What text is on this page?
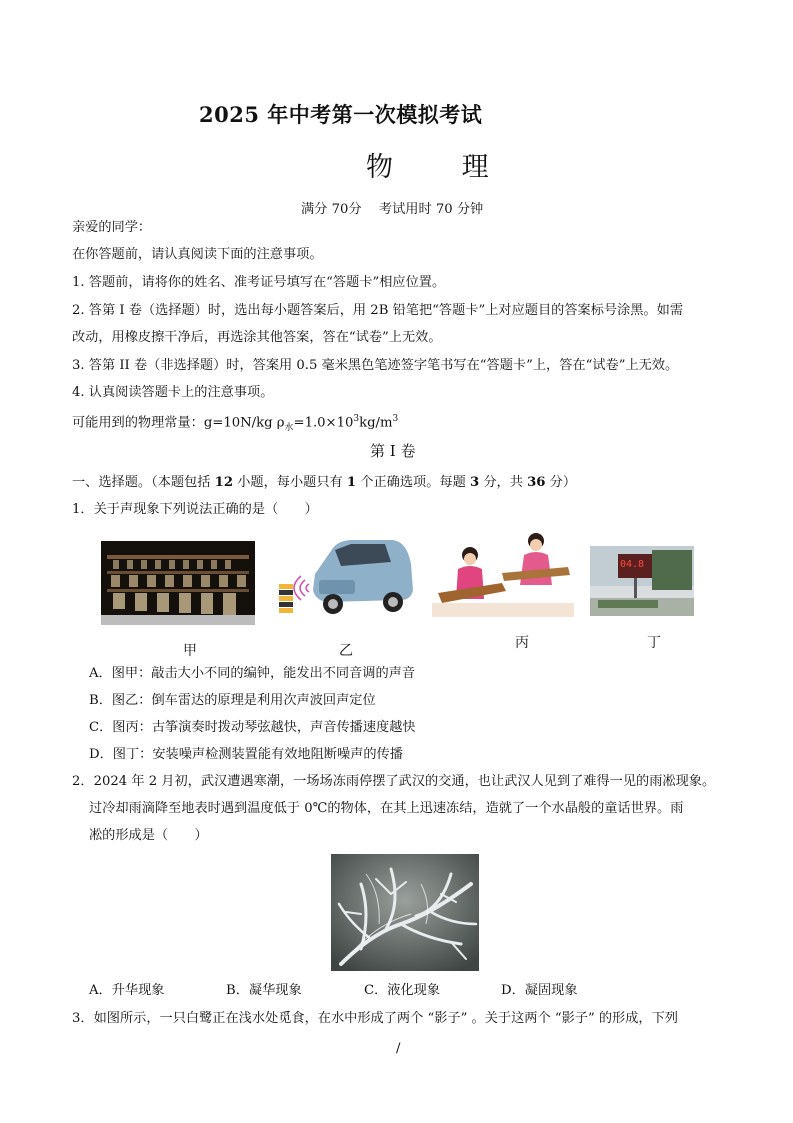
2025 年中考第一次模拟考试
物 理
满分 70分　 考试用时 70 分钟
亲爱的同学：
在你答题前，请认真阅读下面的注意事项。
1. 答题前，请将你的姓名、准考证号填写在“答题卡”相应位置。
2. 答第 I 卷（选择题）时，选出每小题答案后，用 2B 铅笔把“答题卡”上对应题目的答案标号涂黑。如需
改动，用橡皮擦干净后，再选涂其他答案，答在“试卷”上无效。
3. 答第 II 卷（非选择题）时，答案用 0.5 毫米黑色笔迹签字笔书写在“答题卡”上，答在“试卷”上无效。
4. 认真阅读答题卡上的注意事项。
可能用到的物理常量：g=10N/kg $\rho_水=1.0\times 10^3kg/m^3$
第 I 卷
一、选择题。（本题包括 12 小题，每小题只有 1 个正确选项。每题 3 分，共 36 分）
1．关于声现象下列说法正确的是（　　）
甲	乙	丙
04.8
丁
A．图甲：敲击大小不同的编钟，能发出不同音调的声音
B．图乙：倒车雷达的原理是利用次声波回声定位
C．图丙：古筝演奏时拨动琴弦越快，声音传播速度越快
D．图丁：安装噪声检测装置能有效地阻断噪声的传播
2．2024 年 2 月初，武汉遭遇寒潮，一场场冻雨停摆了武汉的交通，也让武汉人见到了难得一见的雨凇现象。
过冷却雨滴降至地表时遇到温度低于 0℃的物体，在其上迅速冻结，造就了一个水晶般的童话世界。雨
凇的形成是（　　）
A．升华现象	B．凝华现象	C．液化现象	D．凝固现象
3．如图所示，一只白鹭正在浅水处觅食，在水中形成了两个 “影子” 。关于这两个 “影子” 的形成，下列
/
